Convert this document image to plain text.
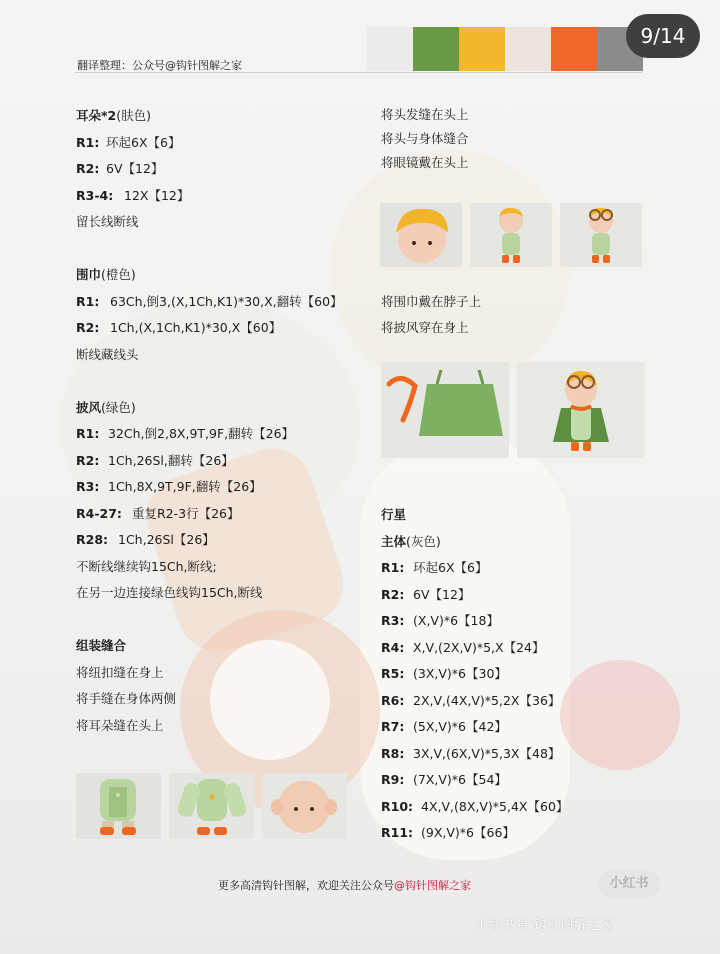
9/14
翻译整理：公众号@钩针图解之家
耳朵*2(肤色)
R1: 环起6X【6】
R2: 6V【12】
R3-4: 12X【12】
留长线断线
围巾(橙色)
R1: 63Ch,倒3,(X,1Ch,K1)*30,X,翻转【60】
R2: 1Ch,(X,1Ch,K1)*30,X【60】
断线藏线头
披风(绿色)
R1: 32Ch,倒2,8X,9T,9F,翻转【26】
R2: 1Ch,26Sl,翻转【26】
R3: 1Ch,8X,9T,9F,翻转【26】
R4-27: 重复R2-3行【26】
R28: 1Ch,26Sl【26】
不断线继续钩15Ch,断线;
在另一边连接绿色线钩15Ch,断线
组装缝合
将纽扣缝在身上
将手缝在身体两侧
将耳朵缝在头上
将头发缝在头上
将头与身体缝合
将眼镜戴在头上
将围巾戴在脖子上
将披风穿在身上
行星
主体(灰色)
R1: 环起6X【6】
R2: 6V【12】
R3: (X,V)*6【18】
R4: X,V,(2X,V)*5,X【24】
R5: (3X,V)*6【30】
R6: 2X,V,(4X,V)*5,2X【36】
R7: (5X,V)*6【42】
R8: 3X,V,(6X,V)*5,3X【48】
R9: (7X,V)*6【54】
R10: 4X,V,(8X,V)*5,4X【60】
R11: (9X,V)*6【66】
更多高清钩针图解，欢迎关注公众号@钩针图解之家	小红书
小红书号 钩针图解之家
